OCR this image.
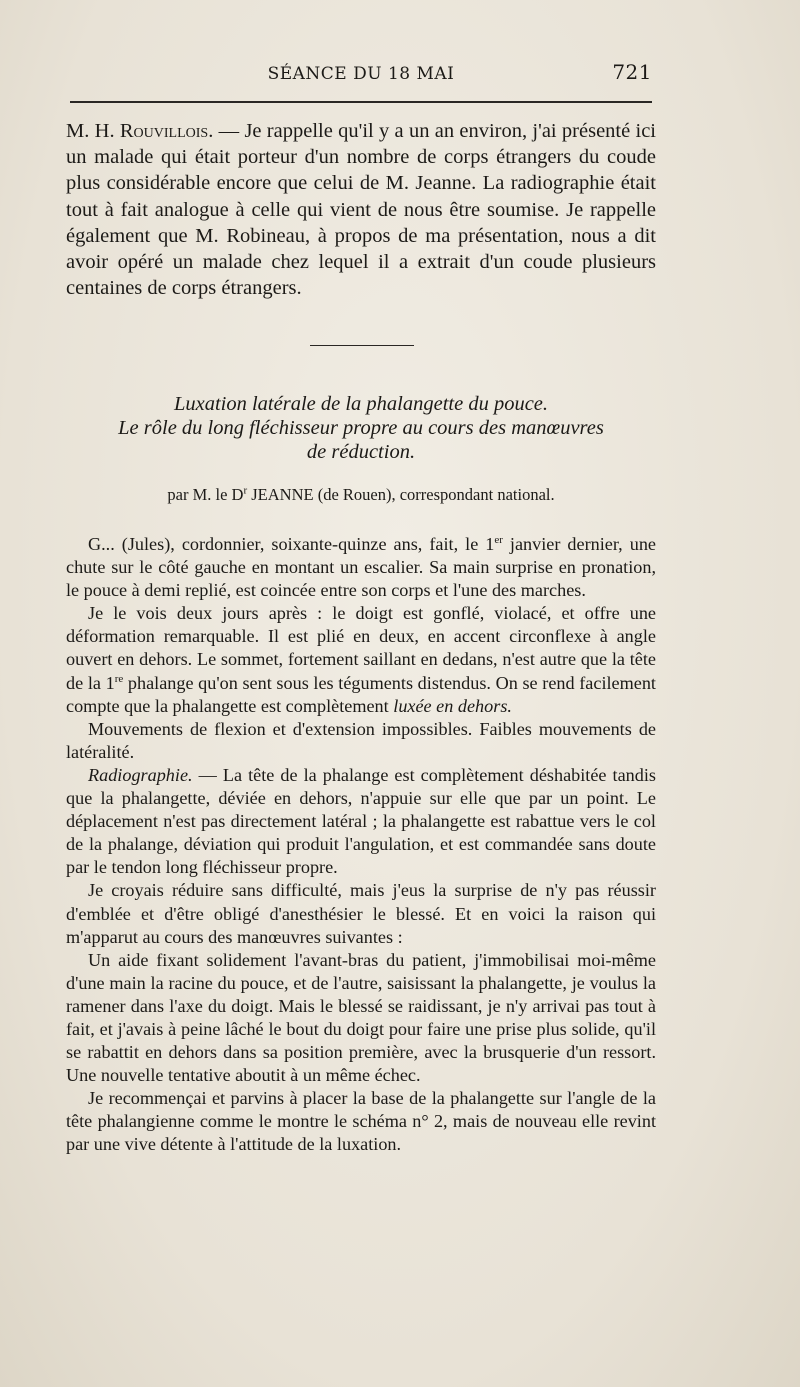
SÉANCE DU 18 MAI	721
M. H. Rouvillois. — Je rappelle qu'il y a un an environ, j'ai présenté ici un malade qui était porteur d'un nombre de corps étrangers du coude plus considérable encore que celui de M. Jeanne. La radiographie était tout à fait analogue à celle qui vient de nous être soumise. Je rappelle également que M. Robineau, à propos de ma présentation, nous a dit avoir opéré un malade chez lequel il a extrait d'un coude plusieurs centaines de corps étrangers.
Luxation latérale de la phalangette du pouce.
Le rôle du long fléchisseur propre au cours des manœuvres
de réduction.
par M. le $D^r$ JEANNE (de Rouen), correspondant national.

G... (Jules), cordonnier, soixante-quinze ans, fait, le 1er janvier dernier, une chute sur le côté gauche en montant un escalier. Sa main surprise en pronation, le pouce à demi replié, est coincée entre son corps et l'une des marches.

Je le vois deux jours après : le doigt est gonflé, violacé, et offre une déformation remarquable. Il est plié en deux, en accent circonflexe à angle ouvert en dehors. Le sommet, fortement saillant en dedans, n'est autre que la tête de la 1re phalange qu'on sent sous les téguments distendus. On se rend facilement compte que la phalangette est complètement luxée en dehors.

Mouvements de flexion et d'extension impossibles. Faibles mouvements de latéralité.

Radiographie. — La tête de la phalange est complètement déshabitée tandis que la phalangette, déviée en dehors, n'appuie sur elle que par un point. Le déplacement n'est pas directement latéral ; la phalangette est rabattue vers le col de la phalange, déviation qui produit l'angulation, et est commandée sans doute par le tendon long fléchisseur propre.

Je croyais réduire sans difficulté, mais j'eus la surprise de n'y pas réussir d'emblée et d'être obligé d'anesthésier le blessé. Et en voici la raison qui m'apparut au cours des manœuvres suivantes :

Un aide fixant solidement l'avant-bras du patient, j'immobilisai moi-même d'une main la racine du pouce, et de l'autre, saisissant la phalangette, je voulus la ramener dans l'axe du doigt. Mais le blessé se raidissant, je n'y arrivai pas tout à fait, et j'avais à peine lâché le bout du doigt pour faire une prise plus solide, qu'il se rabattit en dehors dans sa position première, avec la brusquerie d'un ressort. Une nouvelle tentative aboutit à un même échec.

Je recommençai et parvins à placer la base de la phalangette sur l'angle de la tête phalangienne comme le montre le schéma n° 2, mais de nouveau elle revint par une vive détente à l'attitude de la luxation.
